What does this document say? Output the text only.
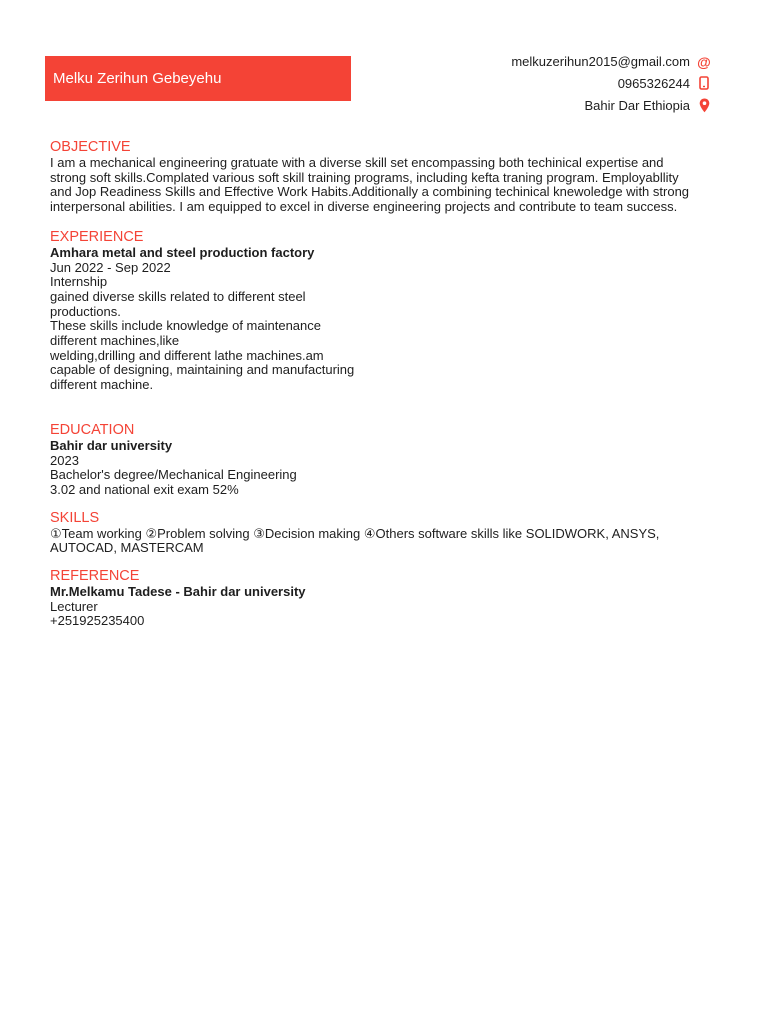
Melku Zerihun Gebeyehu
melkuzerihun2015@gmail.com @
0965326244
Bahir Dar Ethiopia
OBJECTIVE
I am a mechanical engineering gratuate with a diverse skill set encompassing both techinical expertise and
strong soft skills.Complated various soft skill training programs, including kefta traning program. Employabllity
and Jop Readiness Skills and Effective Work Habits.Additionally a combining techinical knewoledge with strong
interpersonal abilities. I am equipped to excel in diverse engineering projects and contribute to team success.
EXPERIENCE
Amhara metal and steel production factory
Jun 2022 - Sep 2022
Internship
gained diverse skills related to different steel
productions.
These skills include knowledge of maintenance
different machines,like
welding,drilling and different lathe machines.am
capable of designing, maintaining and manufacturing
different machine.
EDUCATION
Bahir dar university
2023
Bachelor's degree/Mechanical Engineering
3.02 and national exit exam 52%
SKILLS
①Team working ②Problem solving ③Decision making ④Others software skills like SOLIDWORK, ANSYS,
AUTOCAD, MASTERCAM
REFERENCE
Mr.Melkamu Tadese - Bahir dar university
Lecturer
+251925235400
